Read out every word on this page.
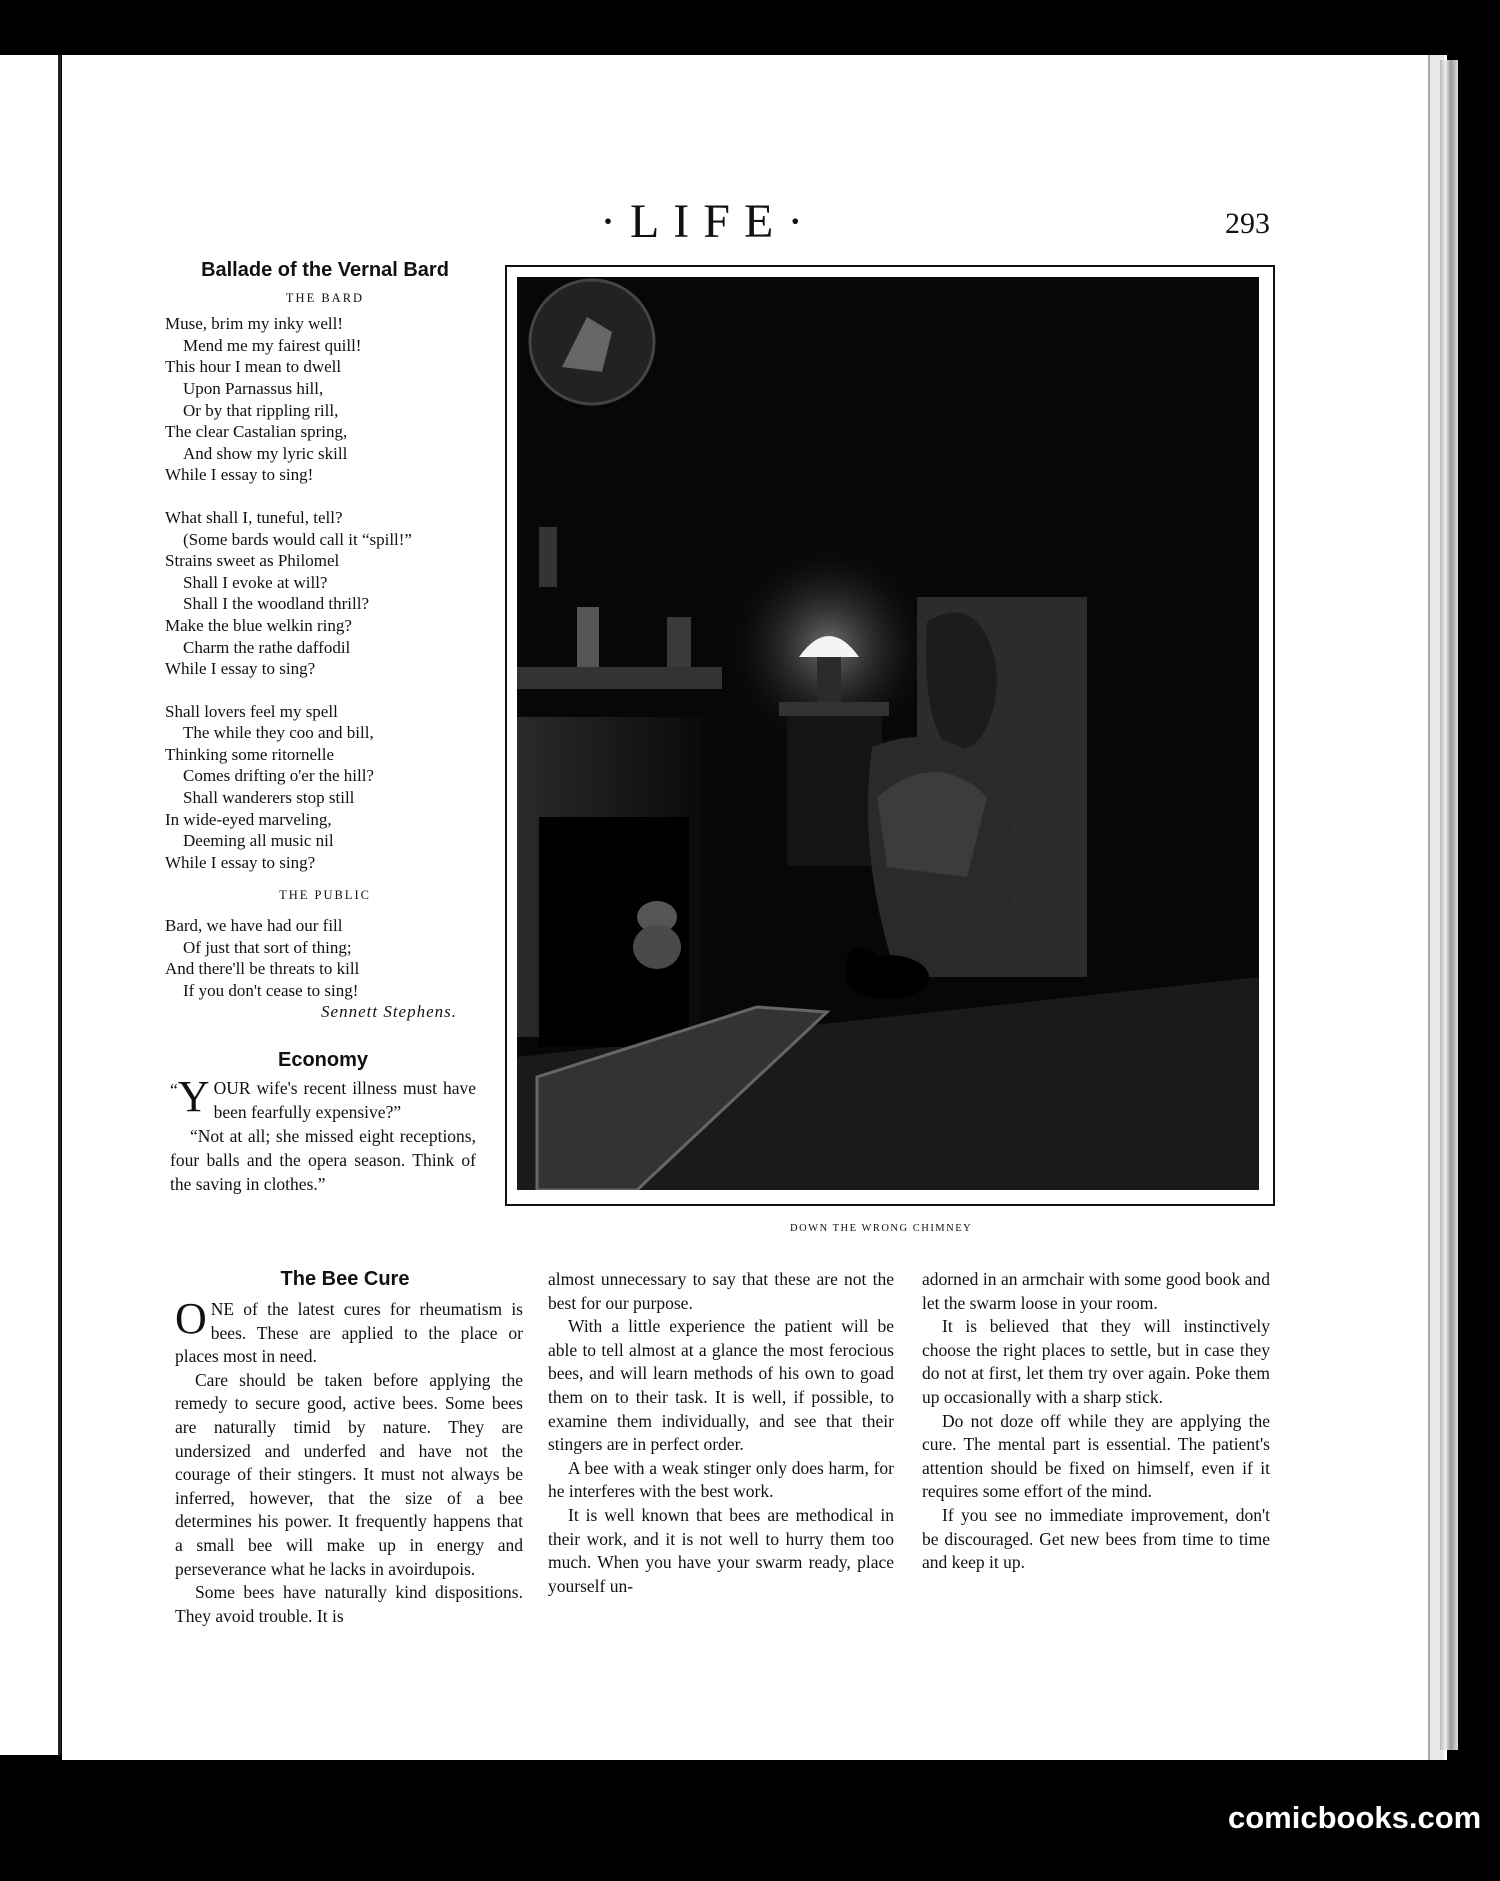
·LIFE·	293
Ballade of the Vernal Bard
THE BARD
Muse, brim my inky well!
Mend me my fairest quill!
This hour I mean to dwell
Upon Parnassus hill,
Or by that rippling rill,
The clear Castalian spring,
And show my lyric skill
While I essay to sing!
What shall I, tuneful, tell?
(Some bards would call it “spill!”
Strains sweet as Philomel
Shall I evoke at will?
Shall I the woodland thrill?
Make the blue welkin ring?
Charm the rathe daffodil
While I essay to sing?
Shall lovers feel my spell
The while they coo and bill,
Thinking some ritornelle
Comes drifting o'er the hill?
Shall wanderers stop still
In wide-eyed marveling,
Deeming all music nil
While I essay to sing?
THE PUBLIC
Bard, we have had our fill
Of just that sort of thing;
And there'll be threats to kill
If you don't cease to sing!
Sennett Stephens.
Economy

“ Y OUR wife's recent illness must have been fearfully expensive?”

“Not at all; she missed eight receptions, four balls and the opera season. Think of the saving in clothes.”

DOWN THE WRONG CHIMNEY
The Bee Cure

ONE of the latest cures for rheumatism is bees. These are applied to the place or places most in need.

Care should be taken before applying the remedy to secure good, active bees. Some bees are naturally timid by nature. They are undersized and underfed and have not the courage of their stingers. It must not always be inferred, however, that the size of a bee determines his power. It frequently happens that a small bee will make up in energy and perseverance what he lacks in avoirdupois.

Some bees have naturally kind dispositions. They avoid trouble. It is

almost unnecessary to say that these are not the best for our purpose.

With a little experience the patient will be able to tell almost at a glance the most ferocious bees, and will learn methods of his own to goad them on to their task. It is well, if possible, to examine them individually, and see that their stingers are in perfect order.

A bee with a weak stinger only does harm, for he interferes with the best work.

It is well known that bees are methodical in their work, and it is not well to hurry them too much. When you have your swarm ready, place yourself un-

adorned in an armchair with some good book and let the swarm loose in your room.

It is believed that they will instinctively choose the right places to settle, but in case they do not at first, let them try over again. Poke them up occasionally with a sharp stick.

Do not doze off while they are applying the cure. The mental part is essential. The patient's attention should be fixed on himself, even if it requires some effort of the mind.

If you see no immediate improvement, don't be discouraged. Get new bees from time to time and keep it up.

comicbooks.com
